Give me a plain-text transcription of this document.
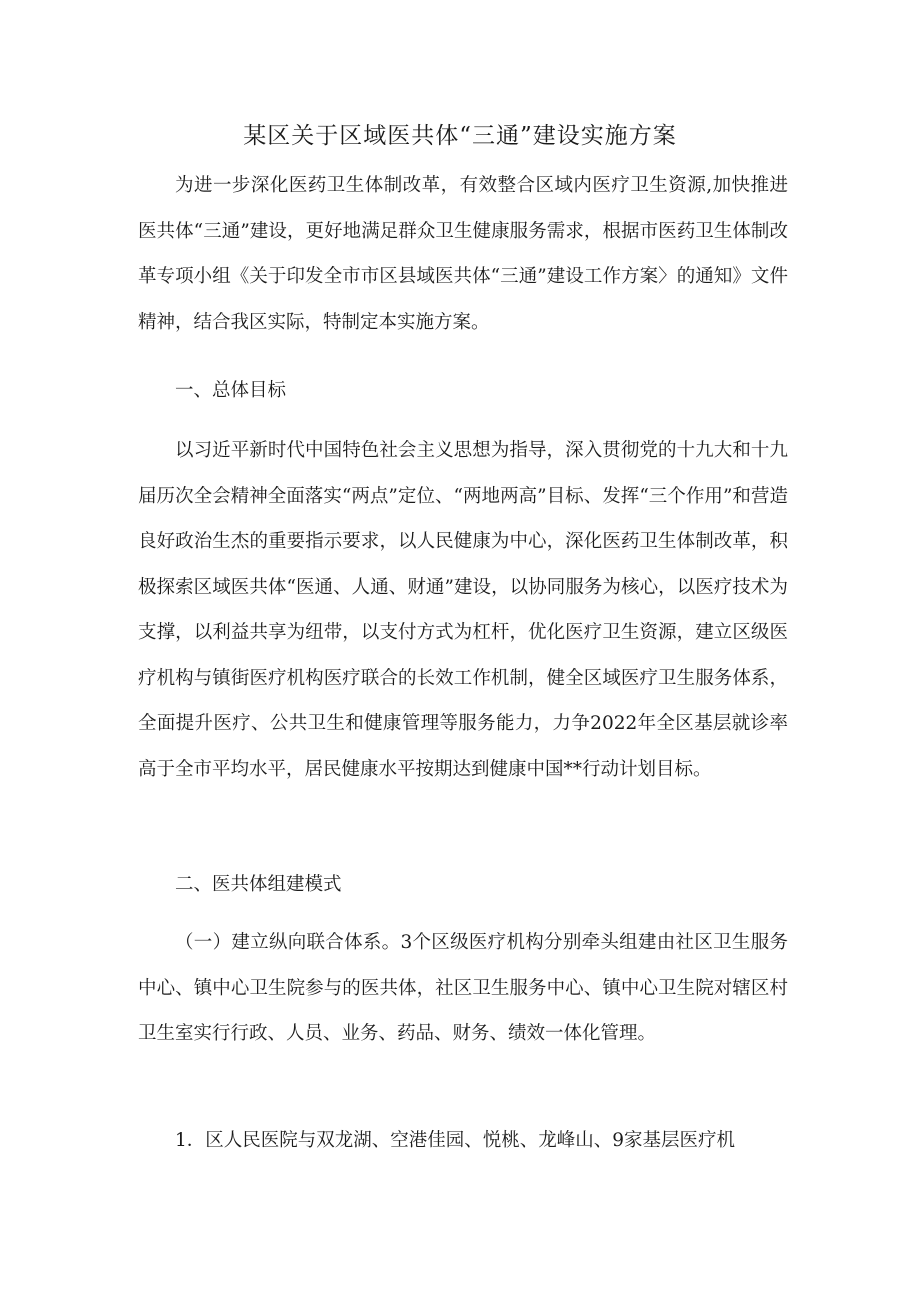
某区关于区域医共体“三通”建设实施方案

为进一步深化医药卫生体制改革，有效整合区域内医疗卫生资源,加快推进医共体“三通”建设，更好地满足群众卫生健康服务需求，根据市医药卫生体制改革专项小组《关于印发全市市区县域医共体“三通”建设工作方案〉的通知》文件精神，结合我区实际，特制定本实施方案。

一、总体目标

以习近平新时代中国特色社会主义思想为指导，深入贯彻党的十九大和十九届历次全会精神全面落实“两点”定位、“两地两高”目标、发挥“三个作用”和营造良好政治生杰的重要指示要求，以人民健康为中心，深化医药卫生体制改革，积极探索区域医共体“医通、人通、财通”建设，以协同服务为核心，以医疗技术为支撑，以利益共享为纽带，以支付方式为杠杆，优化医疗卫生资源，建立区级医疗机构与镇街医疗机构医疗联合的长效工作机制，健全区域医疗卫生服务体系，全面提升医疗、公共卫生和健康管理等服务能力，力争2022年全区基层就诊率高于全市平均水平，居民健康水平按期达到健康中国**行动计划目标。

二、医共体组建模式

（一）建立纵向联合体系。3个区级医疗机构分别牵头组建由社区卫生服务中心、镇中心卫生院参与的医共体，社区卫生服务中心、镇中心卫生院对辖区村卫生室实行行政、人员、业务、药品、财务、绩效一体化管理。

1．区人民医院与双龙湖、空港佳园、悦桃、龙峰山、9家基层医疗机
